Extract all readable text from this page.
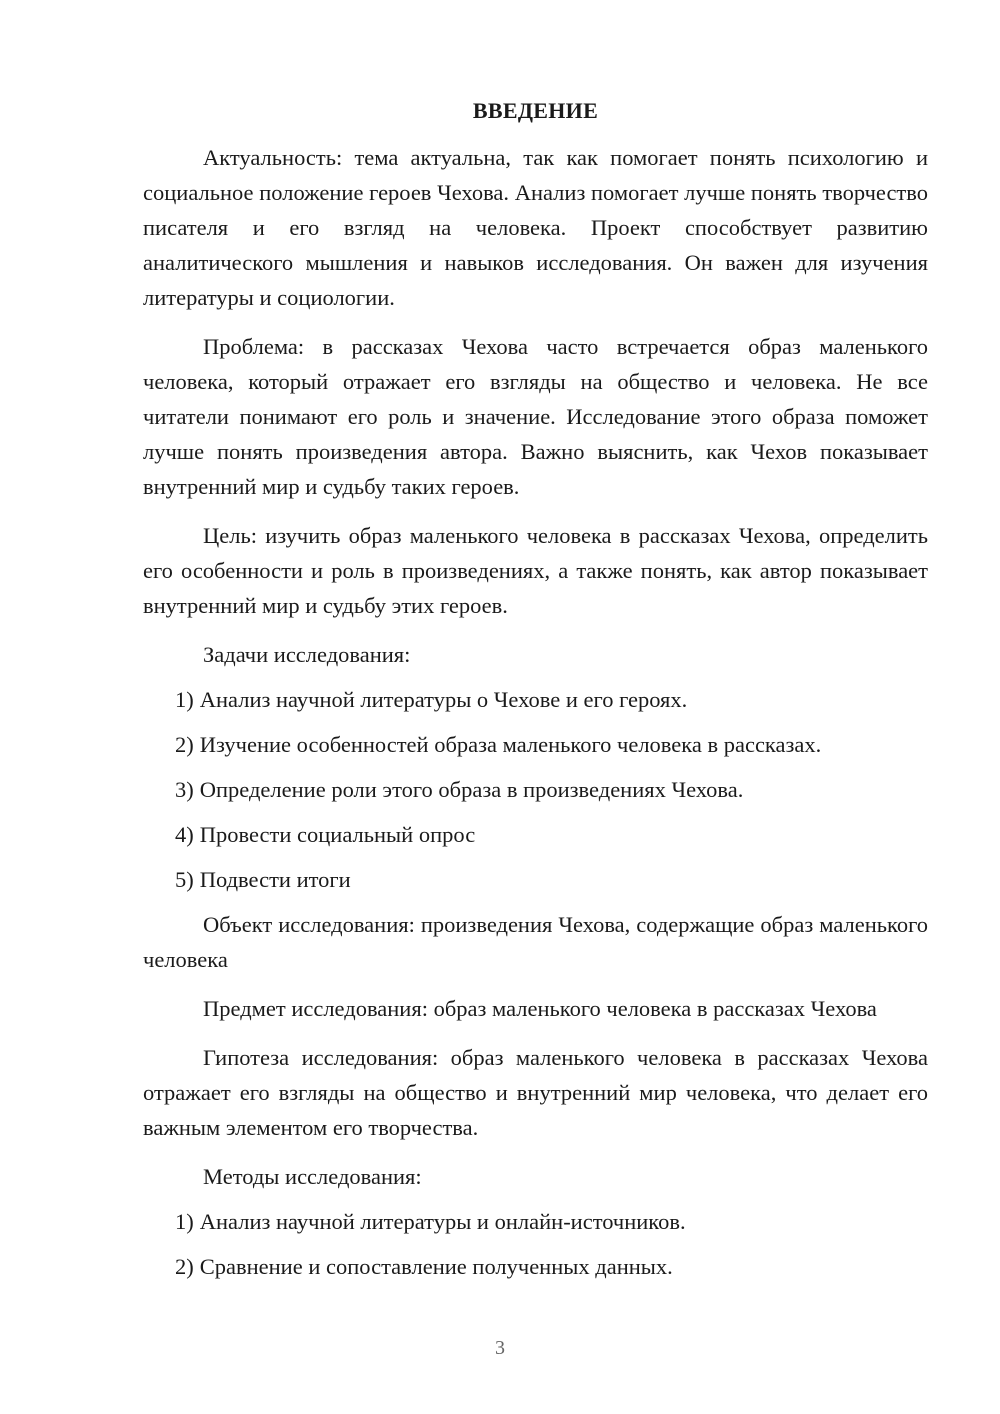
ВВЕДЕНИЕ

Актуальность: тема актуальна, так как помогает понять психологию и социальное положение героев Чехова. Анализ помогает лучше понять творчество писателя и его взгляд на человека. Проект способствует развитию аналитического мышления и навыков исследования. Он важен для изучения литературы и социологии.

Проблема: в рассказах Чехова часто встречается образ маленького человека, который отражает его взгляды на общество и человека. Не все читатели понимают его роль и значение. Исследование этого образа поможет лучше понять произведения автора. Важно выяснить, как Чехов показывает внутренний мир и судьбу таких героев.

Цель: изучить образ маленького человека в рассказах Чехова, определить его особенности и роль в произведениях, а также понять, как автор показывает внутренний мир и судьбу этих героев.

Задачи исследования:

1) Анализ научной литературы о Чехове и его героях.
2) Изучение особенностей образа маленького человека в рассказах.
3) Определение роли этого образа в произведениях Чехова.
4) Провести социальный опрос
5) Подвести итоги

Объект исследования: произведения Чехова, содержащие образ маленького человека

Предмет исследования: образ маленького человека в рассказах Чехова

Гипотеза исследования: образ маленького человека в рассказах Чехова отражает его взгляды на общество и внутренний мир человека, что делает его важным элементом его творчества.

Методы исследования:

1) Анализ научной литературы и онлайн-источников.
2) Сравнение и сопоставление полученных данных.
3
